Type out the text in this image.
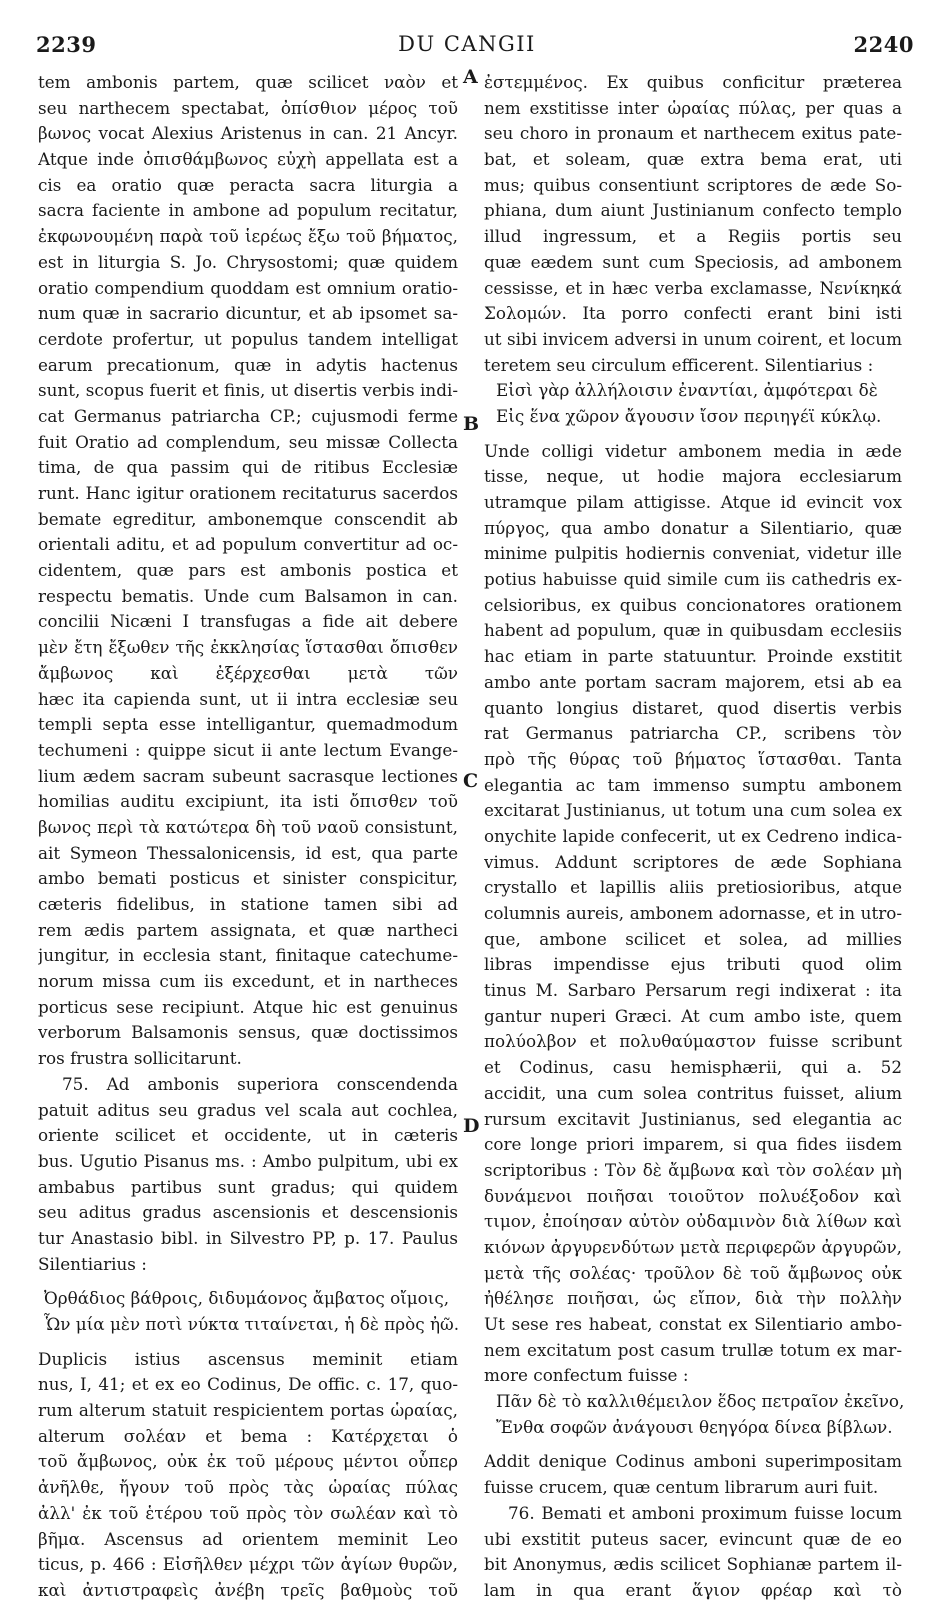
2239	DU CANGII	2240
tem ambonis partem, quæ scilicet ναὸν et
seu narthecem spectabat, ὀπίσθιον μέρος τοῦ
βωνος vocat Alexius Aristenus in can. 21 Ancyr.
Atque inde ὀπισθάμβωνος εὐχὴ appellata est a
cis ea oratio quæ peracta sacra liturgia a
sacra faciente in ambone ad populum recitatur,
ἐκφωνουμένη παρὰ τοῦ ἱερέως ἔξω τοῦ βήματος,
est in liturgia S. Jo. Chrysostomi; quæ quidem
oratio compendium quoddam est omnium oratio-
num quæ in sacrario dicuntur, et ab ipsomet sa-
cerdote profertur, ut populus tandem intelligat
earum precationum, quæ in adytis hactenus
sunt, scopus fuerit et finis, ut disertis verbis indi-
cat Germanus patriarcha CP.; cujusmodi ferme
fuit Oratio ad complendum, seu missæ Collecta
tima, de qua passim qui de ritibus Ecclesiæ
runt. Hanc igitur orationem recitaturus sacerdos
bemate egreditur, ambonemque conscendit ab
orientali aditu, et ad populum convertitur ad oc-
cidentem, quæ pars est ambonis postica et
respectu bematis. Unde cum Balsamon in can.
concilii Nicæni I transfugas a fide ait debere
μὲν ἔτη ἔξωθεν τῆς ἐκκλησίας ἵστασθαι ὄπισθεν
ἄμβωνος καὶ ἐξέρχεσθαι μετὰ τῶν
hæc ita capienda sunt, ut ii intra ecclesiæ seu
templi septa esse intelligantur, quemadmodum
techumeni : quippe sicut ii ante lectum Evange-
lium ædem sacram subeunt sacrasque lectiones
homilias auditu excipiunt, ita isti ὄπισθεν τοῦ
βωνος περὶ τὰ κατώτερα δὴ τοῦ ναοῦ consistunt,
ait Symeon Thessalonicensis, id est, qua parte
ambo bemati posticus et sinister conspicitur,
cæteris fidelibus, in statione tamen sibi ad
rem ædis partem assignata, et quæ nartheci
jungitur, in ecclesia stant, finitaque catechume-
norum missa cum iis excedunt, et in nartheces
porticus sese recipiunt. Atque hic est genuinus
verborum Balsamonis sensus, quæ doctissimos
ros frustra sollicitarunt.
75. Ad ambonis superiora conscendenda
patuit aditus seu gradus vel scala aut cochlea,
oriente scilicet et occidente, ut in cæteris
bus. Ugutio Pisanus ms. : Ambo pulpitum, ubi ex
ambabus partibus sunt gradus; qui quidem
seu aditus gradus ascensionis et descensionis
tur Anastasio bibl. in Silvestro PP, p. 17. Paulus
Silentiarius :
Ὀρθάδιος βάθροις, διδυμάονος ἄμβατος οἴμοις,
Ὧν μία μὲν ποτὶ νύκτα τιταίνεται, ἡ δὲ πρὸς ἠῶ.
Duplicis istius ascensus meminit etiam
nus, I, 41; et ex eo Codinus, De offic. c. 17, quo-
rum alterum statuit respicientem portas ὡραίας,
alterum σολέαν et bema : Κατέρχεται ὁ
τοῦ ἄμβωνος, οὐκ ἐκ τοῦ μέρους μέντοι οὗπερ
ἀνῆλθε, ἤγουν τοῦ πρὸς τὰς ὡραίας πύλας
ἀλλ' ἐκ τοῦ ἑτέρου τοῦ πρὸς τὸν σωλέαν καὶ τὸ
βῆμα. Ascensus ad orientem meminit Leo
ticus, p. 466 : Εἰσῆλθεν μέχρι τῶν ἁγίων θυρῶν,
καὶ ἀντιστραφεὶς ἀνέβη τρεῖς βαθμοὺς τοῦ
ἐστεμμένος. Ex quibus conficitur præterea
nem exstitisse inter ὡραίας πύλας, per quas a
seu choro in pronaum et narthecem exitus pate-
bat, et soleam, quæ extra bema erat, uti
mus; quibus consentiunt scriptores de æde So-
phiana, dum aiunt Justinianum confecto templo
illud ingressum, et a Regiis portis seu
quæ eædem sunt cum Speciosis, ad ambonem
cessisse, et in hæc verba exclamasse, Νενίκηκά
Σολομών. Ita porro confecti erant bini isti
ut sibi invicem adversi in unum coirent, et locum
teretem seu circulum efficerent. Silentiarius :
Εἰσὶ γὰρ ἀλλήλοισιν ἐναντίαι, ἀμφότεραι δὲ
Εἰς ἕνα χῶρον ἄγουσιν ἴσον περιηγέϊ κύκλῳ.
Unde colligi videtur ambonem media in æde
tisse, neque, ut hodie majora ecclesiarum
utramque pilam attigisse. Atque id evincit vox
πύργος, qua ambo donatur a Silentiario, quæ
minime pulpitis hodiernis conveniat, videtur ille
potius habuisse quid simile cum iis cathedris ex-
celsioribus, ex quibus concionatores orationem
habent ad populum, quæ in quibusdam ecclesiis
hac etiam in parte statuuntur. Proinde exstitit
ambo ante portam sacram majorem, etsi ab ea
quanto longius distaret, quod disertis verbis
rat Germanus patriarcha CP., scribens τὸν
πρὸ τῆς θύρας τοῦ βήματος ἵστασθαι. Tanta
elegantia ac tam immenso sumptu ambonem
excitarat Justinianus, ut totum una cum solea ex
onychite lapide confecerit, ut ex Cedreno indica-
vimus. Addunt scriptores de æde Sophiana
crystallo et lapillis aliis pretiosioribus, atque
columnis aureis, ambonem adornasse, et in utro-
que, ambone scilicet et solea, ad millies
libras impendisse ejus tributi quod olim
tinus M. Sarbaro Persarum regi indixerat : ita
gantur nuperi Græci. At cum ambo iste, quem
πολύολβον et πολυθαύμαστον fuisse scribunt
et Codinus, casu hemisphærii, qui a. 52
accidit, una cum solea contritus fuisset, alium
rursum excitavit Justinianus, sed elegantia ac
core longe priori imparem, si qua fides iisdem
scriptoribus : Τὸν δὲ ἄμβωνα καὶ τὸν σολέαν μὴ
δυνάμενοι ποιῆσαι τοιοῦτον πολυέξοδον καὶ
τιμον, ἐποίησαν αὐτὸν οὐδαμινὸν διὰ λίθων καὶ
κιόνων ἀργυρενδύτων μετὰ περιφερῶν ἀργυρῶν,
μετὰ τῆς σολέας· τροῦλον δὲ τοῦ ἄμβωνος οὐκ
ἠθέλησε ποιῆσαι, ὡς εἴπον, διὰ τὴν πολλὴν
Ut sese res habeat, constat ex Silentiario ambo-
nem excitatum post casum trullæ totum ex mar-
more confectum fuisse :
Πᾶν δὲ τὸ καλλιθέμειλον ἕδος πετραῖον ἐκεῖνο,
Ἔνθα σοφῶν ἀνάγουσι θεηγόρα δίνεα βίβλων.
Addit denique Codinus amboni superimpositam
fuisse crucem, quæ centum librarum auri fuit.
76. Bemati et amboni proximum fuisse locum
ubi exstitit puteus sacer, evincunt quæ de eo
bit Anonymus, ædis scilicet Sophianæ partem il-
lam in qua erant ἅγιον φρέαρ καὶ τὸ
A
B
C
D
